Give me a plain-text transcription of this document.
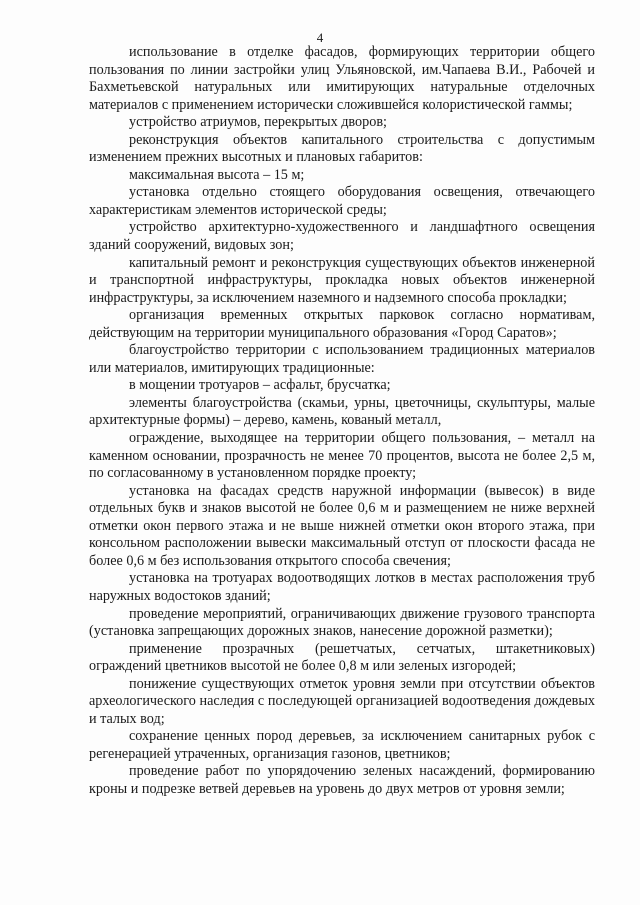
4

использование в отделке фасадов, формирующих территории общего пользования по линии застройки улиц Ульяновской, им.Чапаева В.И., Рабочей и Бахметьевской натуральных или имитирующих натуральные отделочных материалов с применением исторически сложившейся колористической гаммы;

устройство атриумов, перекрытых дворов;

реконструкция объектов капитального строительства с допустимым изменением прежних высотных и плановых габаритов:

максимальная высота – 15 м;

установка отдельно стоящего оборудования освещения, отвечающего характеристикам элементов исторической среды;

устройство архитектурно-художественного и ландшафтного освещения зданий сооружений, видовых зон;

капитальный ремонт и реконструкция существующих объектов инженерной и транспортной инфраструктуры, прокладка новых объектов инженерной инфраструктуры, за исключением наземного и надземного способа прокладки;

организация временных открытых парковок согласно нормативам, действующим на территории муниципального образования «Город Саратов»;

благоустройство территории с использованием традиционных материалов или материалов, имитирующих традиционные:

в мощении тротуаров – асфальт, брусчатка;

элементы благоустройства (скамьи, урны, цветочницы, скульптуры, малые архитектурные формы) – дерево, камень, кованый металл,

ограждение, выходящее на территории общего пользования, – металл на каменном основании, прозрачность не менее 70 процентов, высота не более 2,5 м, по согласованному в установленном порядке проекту;

установка на фасадах средств наружной информации (вывесок) в виде отдельных букв и знаков высотой не более 0,6 м и размещением не ниже верхней отметки окон первого этажа и не выше нижней отметки окон второго этажа, при консольном расположении вывески максимальный отступ от плоскости фасада не более 0,6 м без использования открытого способа свечения;

установка на тротуарах водоотводящих лотков в местах расположения труб наружных водостоков зданий;

проведение мероприятий, ограничивающих движение грузового транспорта (установка запрещающих дорожных знаков, нанесение дорожной разметки);

применение прозрачных (решетчатых, сетчатых, штакетниковых) ограждений цветников высотой не более 0,8 м или зеленых изгородей;

понижение существующих отметок уровня земли при отсутствии объектов археологического наследия с последующей организацией водоотведения дождевых и талых вод;

сохранение ценных пород деревьев, за исключением санитарных рубок с регенерацией утраченных, организация газонов, цветников;

проведение работ по упорядочению зеленых насаждений, формированию кроны и подрезке ветвей деревьев на уровень до двух метров от уровня земли;
